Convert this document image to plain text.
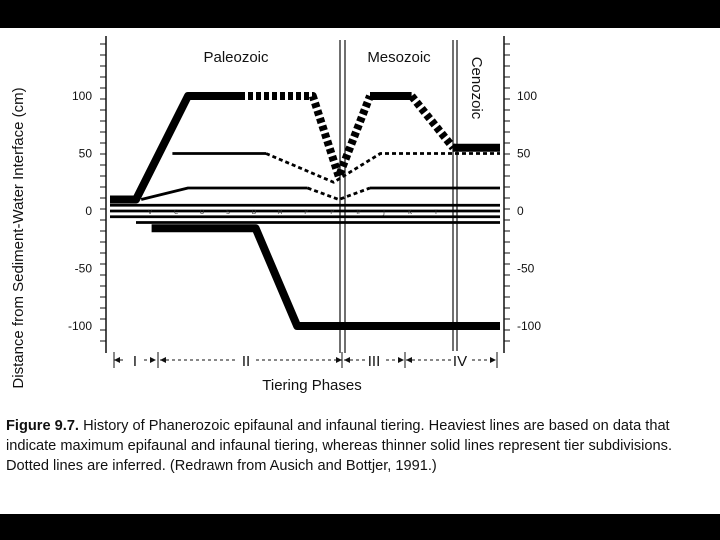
100	100
50	50
0	0
-50	-50
-100	-100
V	C	O	S	D	M	P	P	Tr	J	K	T
Paleozoic	Mesozoic Cenozoic
I	II	III	IV
Distance from Sediment-Water Interface (cm)	Tiering Phases
Figure 9.7. History of Phanerozoic epifaunal and infaunal tiering. Heaviest lines are based on data that indicate maximum epifaunal and infaunal tiering, whereas thinner solid lines represent tier subdivisions. Dotted lines are inferred. (Redrawn from Ausich and Bottjer, 1991.)
